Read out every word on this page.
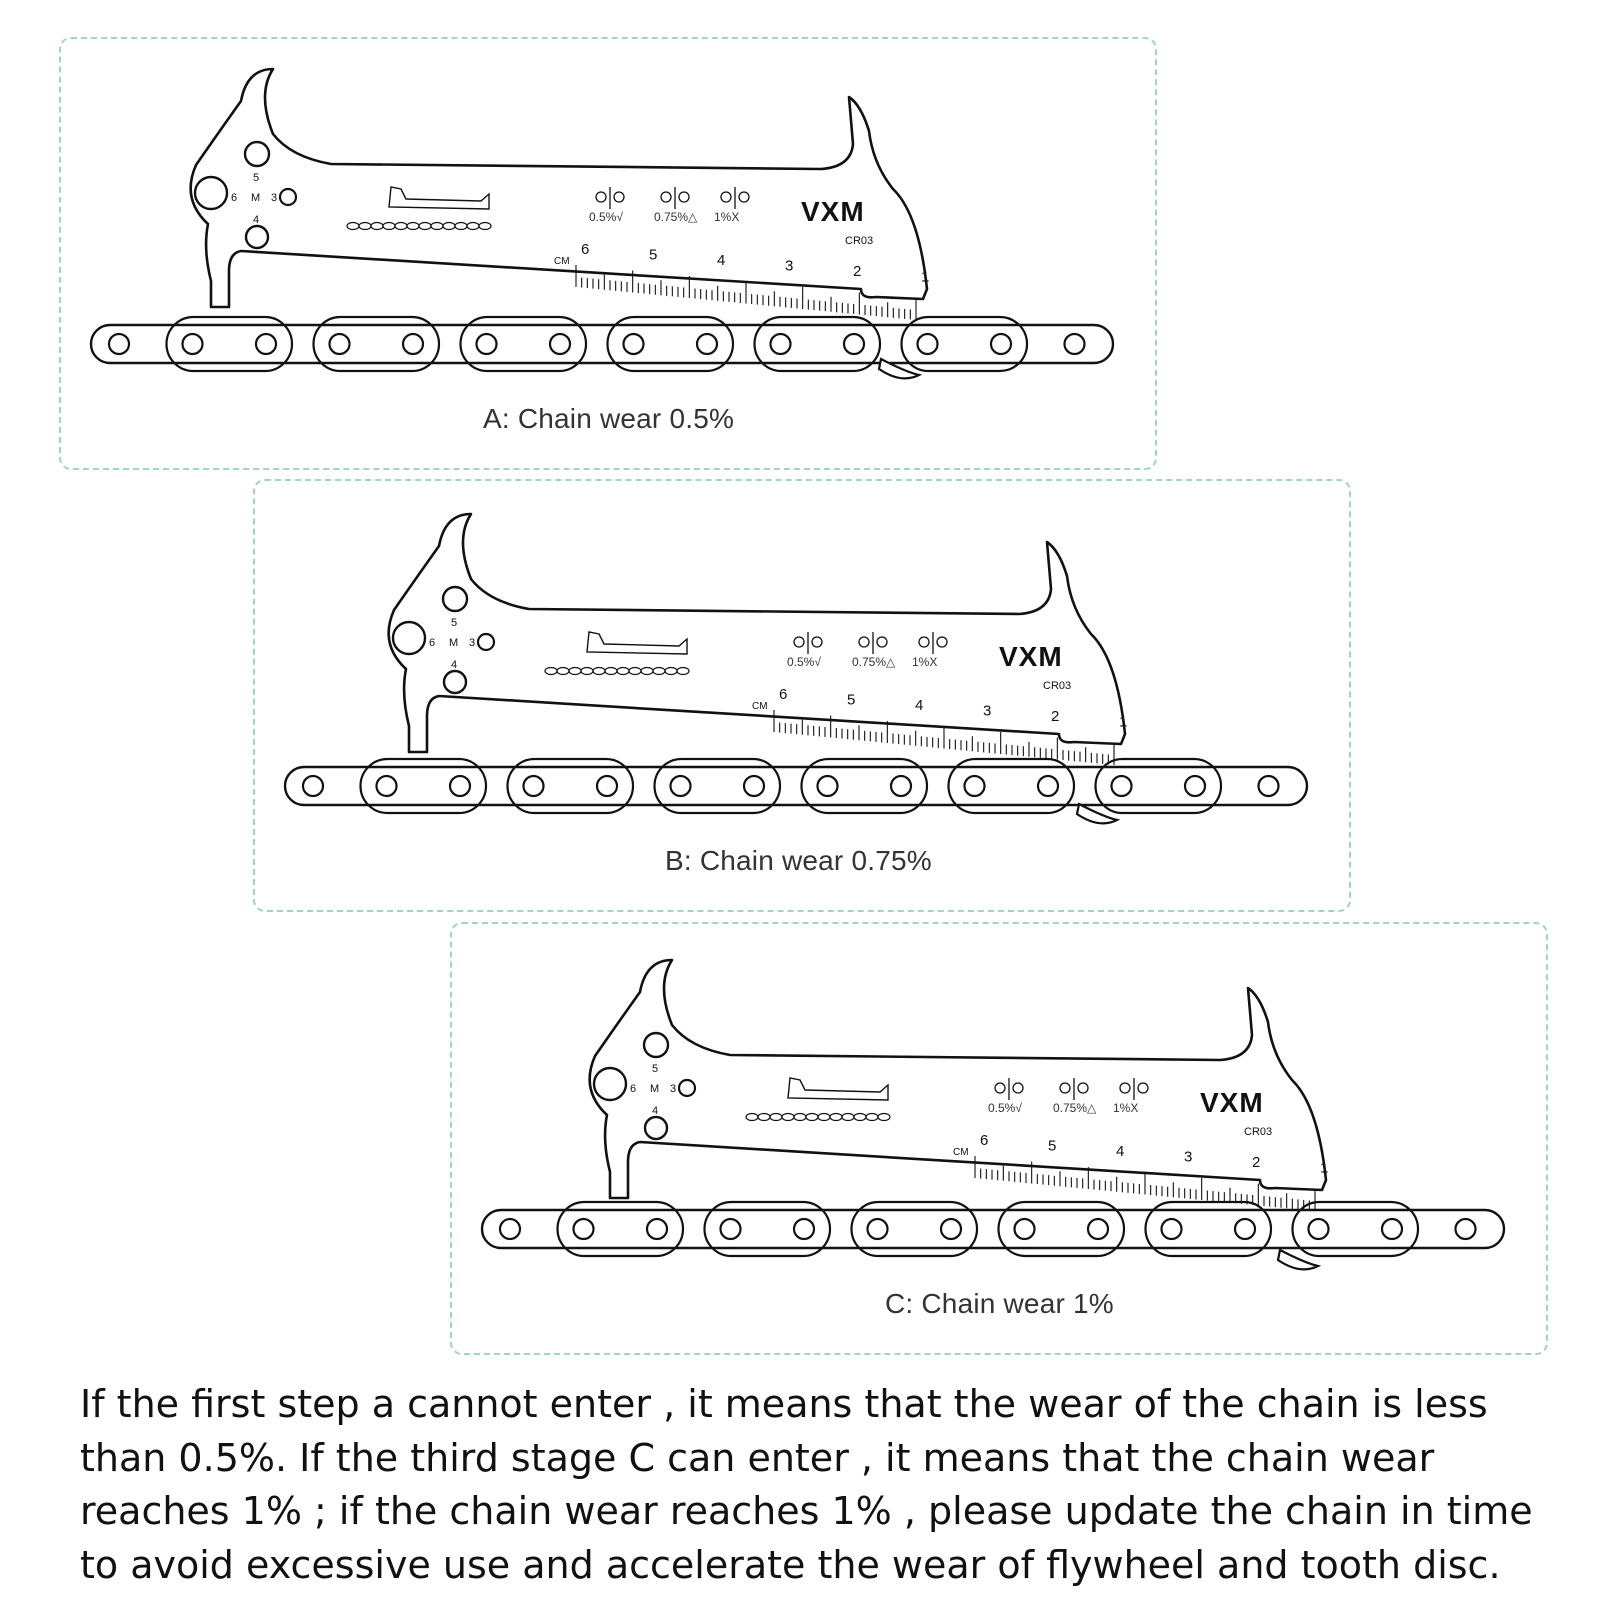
5
6 M 3
4	0.5%√	0.75%△ 1%X VXM
CR03
CM
6	5	4	3	2	1
A: Chain wear 0.5%
5
6 M 3
4	0.5%√	0.75%△ 1%X VXM
CR03
CM
6	5	4	3	2	1
B: Chain wear 0.75%
5
6 M 3
4	0.5%√	0.75%△ 1%X VXM
CR03
CM
6	5	4	3	2	1
C: Chain wear 1%

If the first step a cannot enter , it means that the wear of the chain is less than 0.5%. If the third stage C can enter , it means that the chain wear reaches 1% ; if the chain wear reaches 1% , please update the chain in time to avoid excessive use and accelerate the wear of flywheel and tooth disc.
